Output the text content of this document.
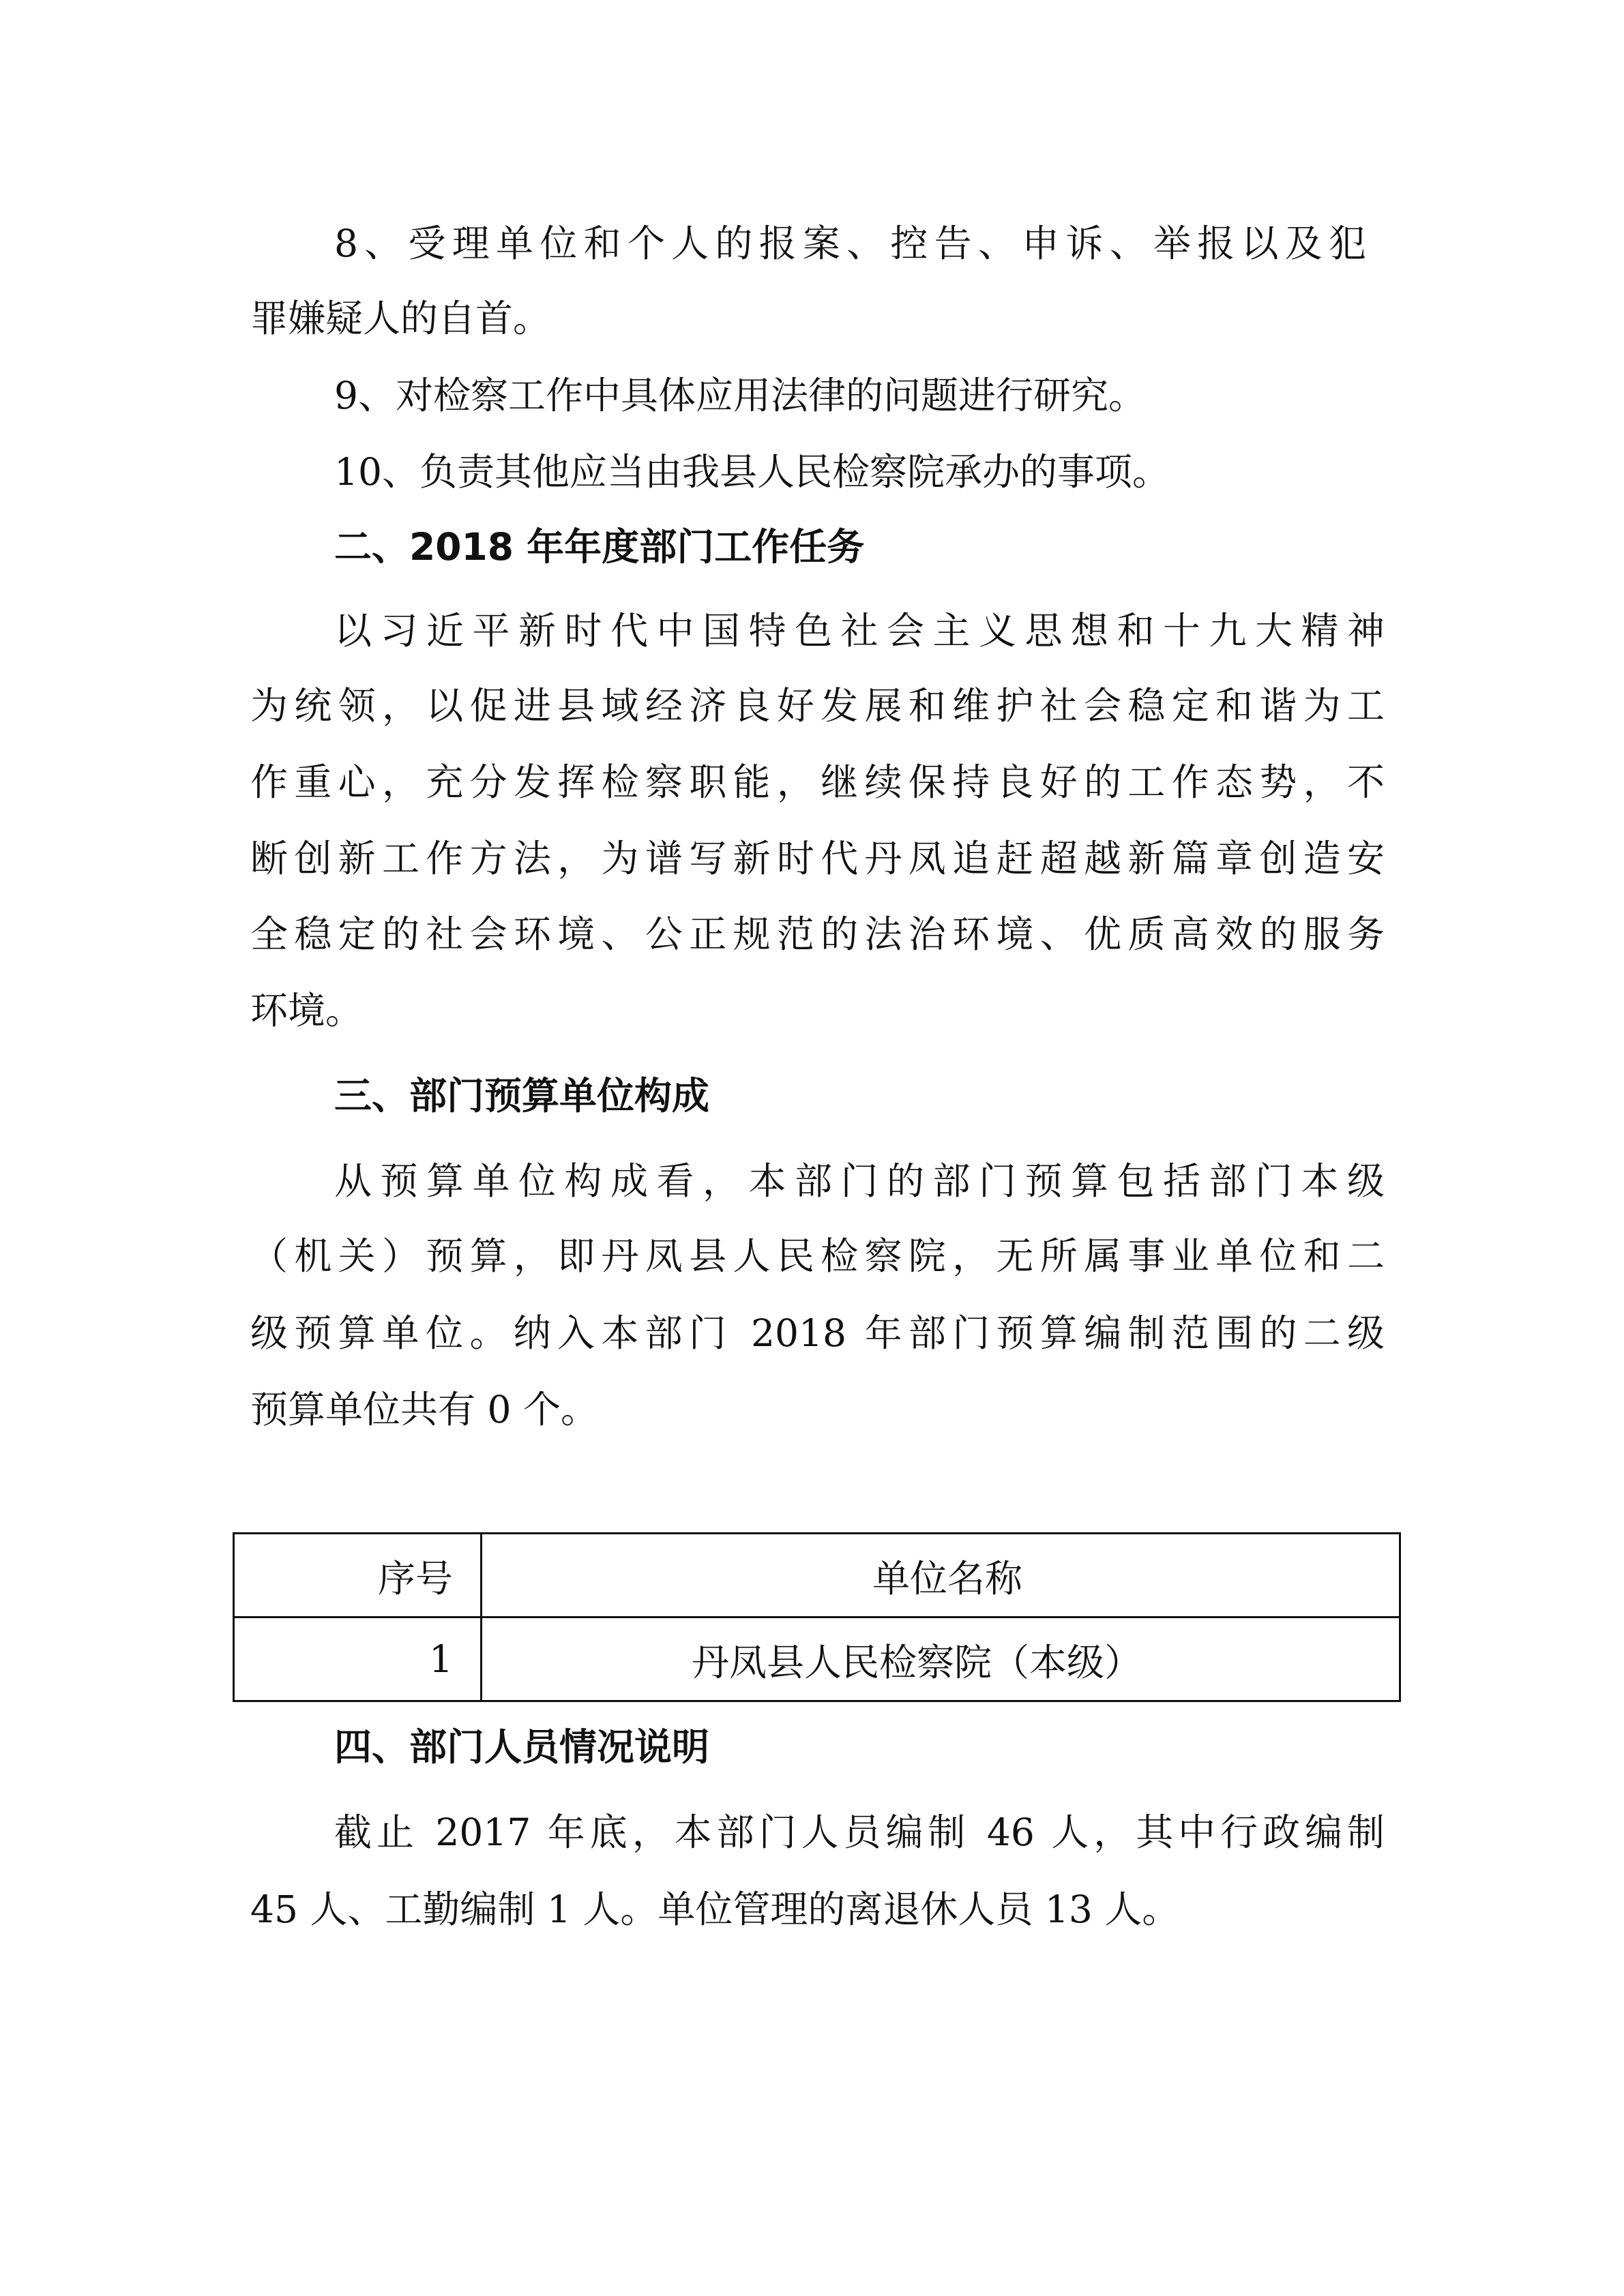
8、受理单位和个人的报案、控告、申诉、举报以及犯
罪嫌疑人的自首。
9、对检察工作中具体应用法律的问题进行研究。
10、负责其他应当由我县人民检察院承办的事项。
二、2018 年年度部门工作任务
以习近平新时代中国特色社会主义思想和十九大精神
为统领，以促进县域经济良好发展和维护社会稳定和谐为工
作重心，充分发挥检察职能，继续保持良好的工作态势，不
断创新工作方法，为谱写新时代丹凤追赶超越新篇章创造安
全稳定的社会环境、公正规范的法治环境、优质高效的服务
环境。
三、部门预算单位构成
从预算单位构成看，本部门的部门预算包括部门本级
（机关）预算，即丹凤县人民检察院，无所属事业单位和二
级预算单位。纳入本部门 2018 年部门预算编制范围的二级
预算单位共有 0 个。
序号	单位名称
1	丹凤县人民检察院（本级）
四、部门人员情况说明
截止 2017 年底，本部门人员编制 46 人，其中行政编制
45 人、工勤编制 1 人。单位管理的离退休人员 13 人。
